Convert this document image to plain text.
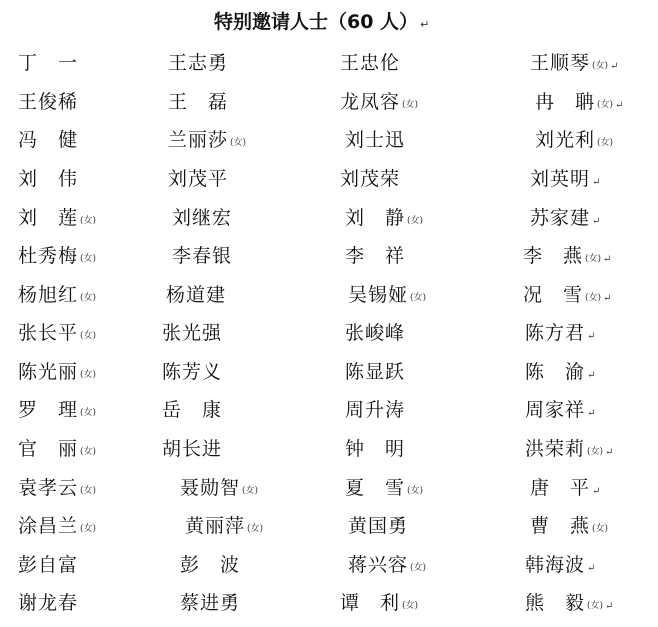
特别邀请人士（60 人） ↵
丁　一	王志勇	王忠伦	王顺琴 (女) ↵
王俊稀	王　磊	龙凤容 (女)	冉　聃 (女) ↵
冯　健	兰丽莎 (女)	刘士迅	刘光利 (女)
刘　伟	刘茂平	刘茂荣	刘英明 ↵
刘　莲 (女)	刘继宏	刘　静 (女)	苏家建 ↵
杜秀梅 (女)	李春银	李　祥	李　燕 (女) ↵
杨旭红 (女)	杨道建	吴锡娅 (女)	况　雪 (女) ↵
张长平 (女)	张光强	张峻峰	陈方君 ↵
陈光丽 (女)	陈芳义	陈显跃	陈　渝 ↵
罗　理 (女)	岳　康	周升涛	周家祥 ↵
官　丽 (女)	胡长进	钟　明	洪荣莉 (女) ↵
袁孝云 (女)	聂勋智 (女)	夏　雪 (女)	唐　平 ↵
涂昌兰 (女)	黄丽萍 (女)	黄国勇	曹　燕 (女)
彭自富	彭　波	蒋兴容 (女)	韩海波 ↵
谢龙春	蔡进勇	谭　利 (女)	熊　毅 (女) ↵
